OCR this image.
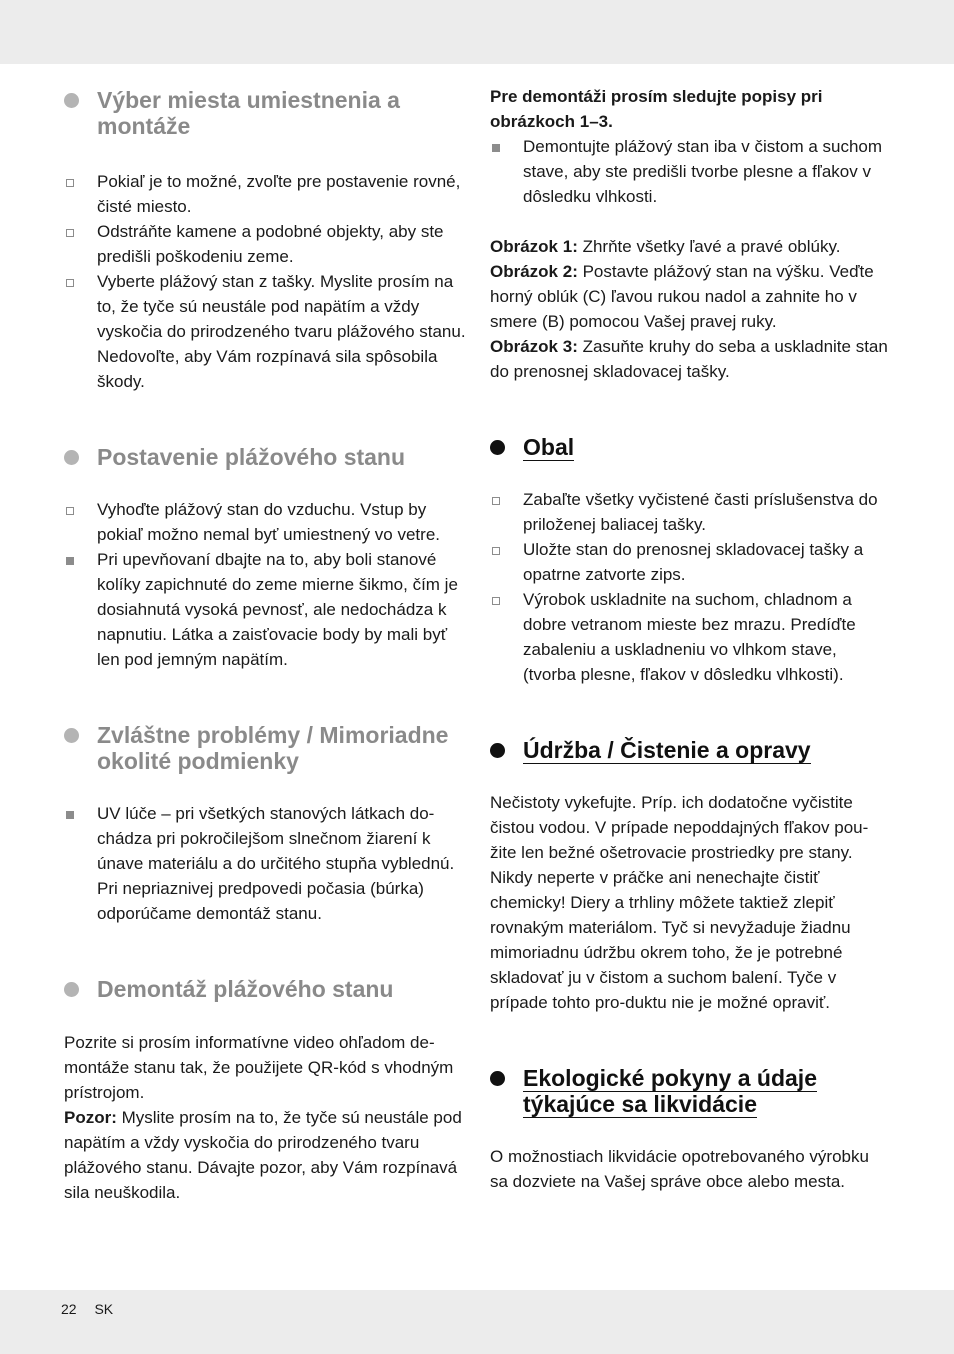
Výber miesta umiestnenia a montáže
Pokiaľ je to možné, zvoľte pre postavenie rovné, čisté miesto.
Odstráňte kamene a podobné objekty, aby ste predišli poškodeniu zeme.
Vyberte plážový stan z tašky. Myslite prosím na to, že tyče sú neustále pod napätím a vždy vyskočia do prirodzeného tvaru plážového stanu. Nedovoľte, aby Vám rozpínavá sila spôsobila škody.
Postavenie plážového stanu
Vyhoďte plážový stan do vzduchu. Vstup by pokiaľ možno nemal byť umiestnený vo vetre.
Pri upevňovaní dbajte na to, aby boli stanové kolíky zapichnuté do zeme mierne šikmo, čím je dosiahnutá vysoká pevnosť, ale nedochádza k napnutiu. Látka a zaisťovacie body by mali byť len pod jemným napätím.
Zvláštne problémy / Mimoriadne okolité podmienky
UV lúče – pri všetkých stanových látkach do-chádza pri pokročilejšom slnečnom žiarení k únave materiálu a do určitého stupňa vyblednú. Pri nepriaznivej predpovedi počasia (búrka) odporúčame demontáž stanu.
Demontáž plážového stanu
Pozrite si prosím informatívne video ohľadom de-montáže stanu tak, že použijete QR-kód s vhodným prístrojom.
Pozor: Myslite prosím na to, že tyče sú neustále pod napätím a vždy vyskočia do prirodzeného tvaru plážového stanu. Dávajte pozor, aby Vám rozpínavá sila neuškodila.
Pre demontáži prosím sledujte popisy pri obrázkoch 1–3.
Demontujte plážový stan iba v čistom a suchom stave, aby ste predišli tvorbe plesne a fľakov v dôsledku vlhkosti.
Obrázok 1: Zhrňte všetky ľavé a pravé oblúky.
Obrázok 2: Postavte plážový stan na výšku. Veďte horný oblúk (C) ľavou rukou nadol a zahnite ho v smere (B) pomocou Vašej pravej ruky.
Obrázok 3: Zasuňte kruhy do seba a uskladnite stan do prenosnej skladovacej tašky.
Obal
Zabaľte všetky vyčistené časti príslušenstva do priloženej baliacej tašky.
Uložte stan do prenosnej skladovacej tašky a opatrne zatvorte zips.
Výrobok uskladnite na suchom, chladnom a dobre vetranom mieste bez mrazu. Predíďte zabaleniu a uskladneniu vo vlhkom stave, (tvorba plesne, fľakov v dôsledku vlhkosti).
Údržba / Čistenie a opravy
Nečistoty vykefujte. Príp. ich dodatočne vyčistite čistou vodou. V prípade nepoddajných fľakov pou-žite len bežné ošetrovacie prostriedky pre stany. Nikdy neperte v práčke ani nenechajte čistiť chemicky! Diery a trhliny môžete taktiež zlepiť rovnakým materiálom. Tyč si nevyžaduje žiadnu mimoriadnu údržbu okrem toho, že je potrebné skladovať ju v čistom a suchom balení. Tyče v prípade tohto pro-duktu nie je možné opraviť.
Ekologické pokyny a údaje týkajúce sa likvidácie
O možnostiach likvidácie opotrebovaného výrobku sa dozviete na Vašej správe obce alebo mesta.
22 SK
